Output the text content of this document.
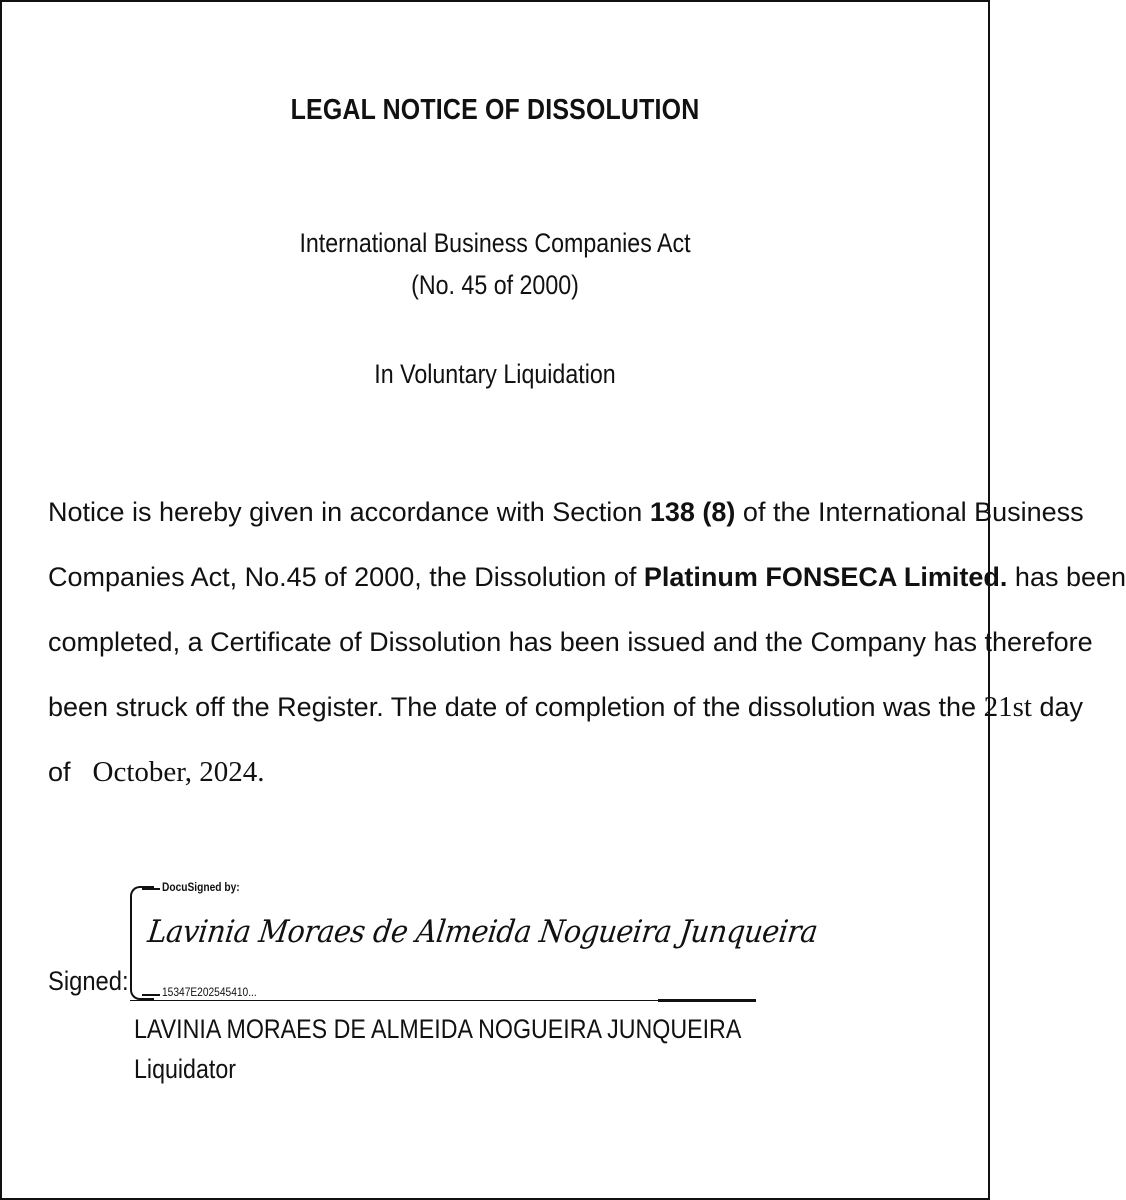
LEGAL NOTICE OF DISSOLUTION
International Business Companies Act
(No. 45 of 2000)
In Voluntary Liquidation
Notice is hereby given in accordance with Section 138 (8) of the International Business
Companies Act, No.45 of 2000, the Dissolution of Platinum FONSECA Limited. has been
completed, a Certificate of Dissolution has been issued and the Company has therefore
been struck off the Register. The date of completion of the dissolution was the 21st day
of October, 2024.
Signed:
DocuSigned by:
Lavinia Moraes de Almeida Nogueira Junqueira
15347E202545410...
LAVINIA MORAES DE ALMEIDA NOGUEIRA JUNQUEIRA
Liquidator
